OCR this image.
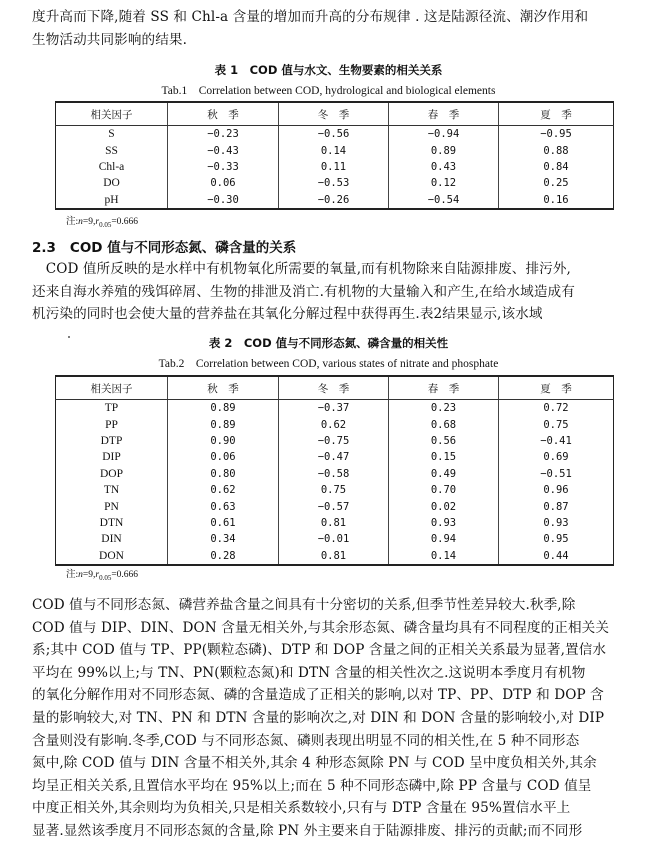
度升高而下降,随着 SS 和 Chl-a 含量的增加而升高的分布规律 . 这是陆源径流、潮汐作用和
生物活动共同影响的结果.
表 1　COD 值与水文、生物要素的相关关系
Tab.1　Correlation between COD, hydrological and biological elements
相关因子	秋　季	冬　季	春　季	夏　季
S	−0.23	−0.56	−0.94	−0.95
SS	−0.43	0.14	0.89	0.88
Chl-a	−0.33	0.11	0.43	0.84
DO	0.06	−0.53	0.12	0.25
pH	−0.30	−0.26	−0.54	0.16
注$:n=9,r_{0.05}=0.666$
2.3 COD 值与不同形态氮、磷含量的关系
　COD 值所反映的是水样中有机物氧化所需要的氧量,而有机物除来自陆源排废、排污外,
还来自海水养殖的残饵碎屑、生物的排泄及消亡.有机物的大量输入和产生,在给水域造成有
机污染的同时也会使大量的营养盐在其氧化分解过程中获得再生.表2结果显示,该水域
表 2　COD 值与不同形态氮、磷含量的相关性
Tab.2　Correlation between COD, various states of nitrate and phosphate
相关因子	秋　季	冬　季	春　季	夏　季
TP	0.89	−0.37	0.23	0.72
PP	0.89	0.62	0.68	0.75
DTP	0.90	−0.75	0.56	−0.41
DIP	0.06	−0.47	0.15	0.69
DOP	0.80	−0.58	0.49	−0.51
TN	0.62	0.75	0.70	0.96
PN	0.63	−0.57	0.02	0.87
DTN	0.61	0.81	0.93	0.93
DIN	0.34	−0.01	0.94	0.95
DON	0.28	0.81	0.14	0.44
注$:n=9,r_{0.05}=0.666$
COD 值与不同形态氮、磷营养盐含量之间具有十分密切的关系,但季节性差异较大.秋季,除
COD 值与 DIP、DIN、DON 含量无相关外,与其余形态氮、磷含量均具有不同程度的正相关关
系;其中 COD 值与 TP、PP(颗粒态磷)、DTP 和 DOP 含量之间的正相关关系最为显著,置信水
平均在 99%以上;与 TN、PN(颗粒态氮)和 DTN 含量的相关性次之.这说明本季度月有机物
的氧化分解作用对不同形态氮、磷的含量造成了正相关的影响,以对 TP、PP、DTP 和 DOP 含
量的影响较大,对 TN、PN 和 DTN 含量的影响次之,对 DIN 和 DON 含量的影响较小,对 DIP
含量则没有影响.冬季,COD 与不同形态氮、磷则表现出明显不同的相关性,在 5 种不同形态
氮中,除 COD 值与 DIN 含量不相关外,其余 4 种形态氮除 PN 与 COD 呈中度负相关外,其余
均呈正相关关系,且置信水平均在 95%以上;而在 5 种不同形态磷中,除 PP 含量与 COD 值呈
中度正相关外,其余则均为负相关,只是相关系数较小,只有与 DTP 含量在 95%置信水平上
显著.显然该季度月不同形态氮的含量,除 PN 外主要来自于陆源排废、排污的贡献;而不同形
